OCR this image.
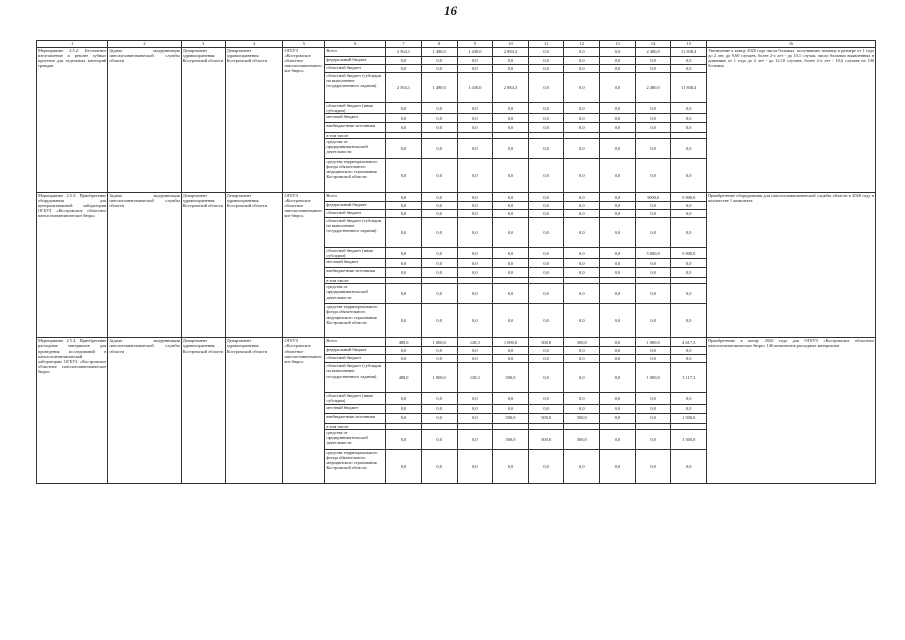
16
1	2	3	4	5	6	7	8	9	10	11	12	13	14	15	16
Мероприятие 2.5.2. Бесплатное изготовление и ремонт зубных протезов для отдельных категорий граждан	Задача: модернизация патологоанатомической службы области	Департамент здравоохранения Костромской области	Департамент здравоохранения Костромской области	ОГБУЗ «Костромское областное патологоанатомическое бюро»	Всего	2 564,1	1 480,0	1 430,0	2 884,3	0,0	0,0	0,0	2 480,0	11 838,4	Увеличение к концу 2020 года числа больных, получивших помощь в размере от 1 года до 2 лет, до 9,60 случаев, более 2-х лет - до 10,1 случая, число больных выявленных в динамике от 1 года до 2 лет - до 12,10 случаев, более 2-х лет - 10,6 случаев на 100 больных
					федеральный бюджет	0,0	0,0	0,0	0,0	0,0	0,0	0,0	0,0	0,0	
					областной бюджет	0,0	0,0	0,0	0,0	0,0	0,0	0,0	0,0	0,0	
					областной бюджет (субсидии на выполнение государственного задания)	2 564,1	1 480,0	1 430,0	2 884,3	0,0	0,0	0,0	2 480,0	11 838,4	
					областной бюджет (иные субсидии)	0,0	0,0	0,0	0,0	0,0	0,0	0,0	0,0	0,0	
					местный бюджет	0,0	0,0	0,0	0,0	0,0	0,0	0,0	0,0	0,0	
					внебюджетные источники	0,0	0,0	0,0	0,0	0,0	0,0	0,0	0,0	0,0	
					в том числе:										
					средства от предпринимательской деятельности	0,0	0,0	0,0	0,0	0,0	0,0	0,0	0,0	0,0	
					средства территориального фонда обязательного медицинского страхования Костромской области	0,0	0,0	0,0	0,0	0,0	0,0	0,0	0,0	0,0	
Мероприятие 2.5.3. Приобретение оборудования для централизованной лаборатории ОГБУЗ «Костромское областное патологоанатомическое бюро»	Задача: модернизация патологоанатомической службы области	Департамент здравоохранения Костромской области	Департамент здравоохранения Костромской области	ОГБУЗ «Костромское областное патологоанатомическое бюро»	Всего	0,0	0,0	0,0	0,0	0,0	0,0	0,0	5000,0	5 000,0	Приобретение оборудования для патологоанатомической службы области в 2020 году в количестве 1 комплекта
					федеральный бюджет	0,0	0,0	0,0	0,0	0,0	0,0	0,0	0,0	0,0	
					областной бюджет	0,0	0,0	0,0	0,0	0,0	0,0	0,0	0,0	0,0	
					областной бюджет (субсидии на выполнение государственного задания)	0,0	0,0	0,0	0,0	0,0	0,0	0,0	0,0	0,0	
					областной бюджет (иные субсидии)	0,0	0,0	0,0	0,0	0,0	0,0	0,0	5 000,0	5 000,0	
					местный бюджет	0,0	0,0	0,0	0,0	0,0	0,0	0,0	0,0	0,0	
					внебюджетные источники	0,0	0,0	0,0	0,0	0,0	0,0	0,0	0,0	0,0	
					в том числе:										
					средства от предпринимательской деятельности	0,0	0,0	0,0	0,0	0,0	0,0	0,0	0,0	0,0	
					средства территориального фонда обязательного медицинского страхования Костромской области	0,0	0,0	0,0	0,0	0,0	0,0	0,0	0,0	0,0	
Мероприятие 2.5.4. Приобретение расходных материалов для проведения исследований в патологоанатомической лаборатории ОГБУЗ «Костромское областное патологоанатомическое бюро»	Задача: модернизация патологоанатомической службы области	Департамент здравоохранения Костромской области	Департамент здравоохранения Костромской области	ОГБУЗ «Костромское областное патологоанатомическое бюро»	Всего	489,0	1 000,0	128,3	1 000,0	500,0	500,0	0,0	1 000,0	4 617,3	Приобретение к концу 2020 года для ОГБУЗ «Костромское областное патологоанатомическое бюро» 146 комплектов расходных материалов
					федеральный бюджет	0,0	0,0	0,0	0,0	0,0	0,0	0,0	0,0	0,0	
					областной бюджет	0,0	0,0	0,0	0,0	0,0	0,0	0,0	0,0	0,0	
					областной бюджет (субсидии на выполнение государственного задания)	489,0	1 000,0	128,3	500,0	0,0	0,0	0,0	1 000,0	3 117,3	
					областной бюджет (иные субсидии)	0,0	0,0	0,0	0,0	0,0	0,0	0,0	0,0	0,0	
					местный бюджет	0,0	0,0	0,0	0,0	0,0	0,0	0,0	0,0	0,0	
					внебюджетные источники	0,0	0,0	0,0	500,0	500,0	500,0	0,0	0,0	1 500,0	
					в том числе:										
					средства от предпринимательской деятельности	0,0	0,0	0,0	500,0	500,0	500,0	0,0	0,0	1 500,0	
					средства территориального фонда обязательного медицинского страхования Костромской области	0,0	0,0	0,0	0,0	0,0	0,0	0,0	0,0	0,0	
